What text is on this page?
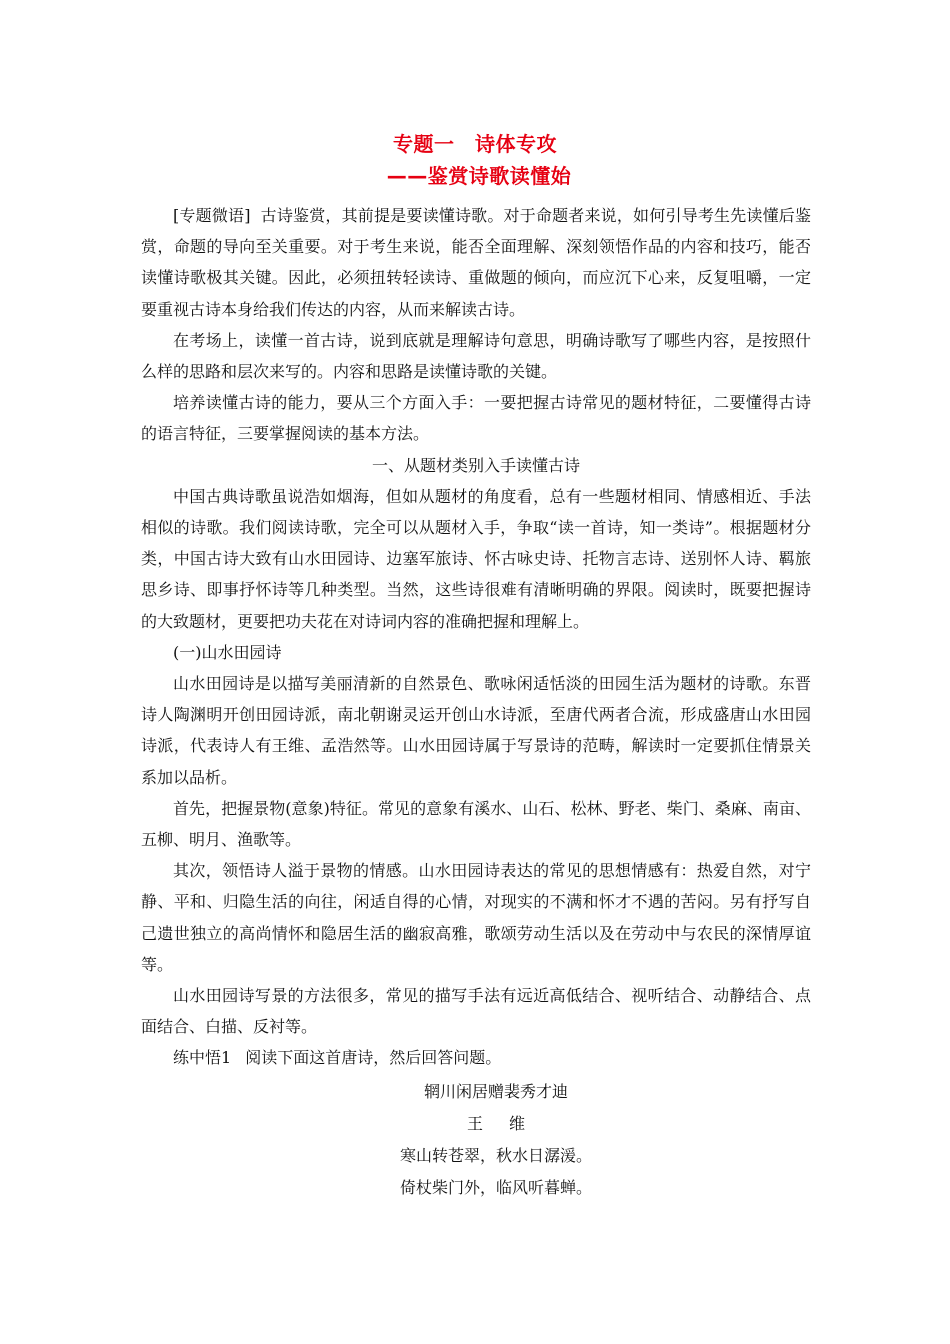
专题一　诗体专攻
——鉴赏诗歌读懂始

[专题微语] 古诗鉴赏，其前提是要读懂诗歌。对于命题者来说，如何引导考生先读懂后鉴赏，命题的导向至关重要。对于考生来说，能否全面理解、深刻领悟作品的内容和技巧，能否读懂诗歌极其关键。因此，必须扭转轻读诗、重做题的倾向，而应沉下心来，反复咀嚼，一定要重视古诗本身给我们传达的内容，从而来解读古诗。

在考场上，读懂一首古诗，说到底就是理解诗句意思，明确诗歌写了哪些内容，是按照什么样的思路和层次来写的。内容和思路是读懂诗歌的关键。

培养读懂古诗的能力，要从三个方面入手：一要把握古诗常见的题材特征，二要懂得古诗的语言特征，三要掌握阅读的基本方法。

一、从题材类别入手读懂古诗

中国古典诗歌虽说浩如烟海，但如从题材的角度看，总有一些题材相同、情感相近、手法相似的诗歌。我们阅读诗歌，完全可以从题材入手，争取“读一首诗，知一类诗”。根据题材分类，中国古诗大致有山水田园诗、边塞军旅诗、怀古咏史诗、托物言志诗、送别怀人诗、羁旅思乡诗、即事抒怀诗等几种类型。当然，这些诗很难有清晰明确的界限。阅读时，既要把握诗的大致题材，更要把功夫花在对诗词内容的准确把握和理解上。

(一)山水田园诗

山水田园诗是以描写美丽清新的自然景色、歌咏闲适恬淡的田园生活为题材的诗歌。东晋诗人陶渊明开创田园诗派，南北朝谢灵运开创山水诗派，至唐代两者合流，形成盛唐山水田园诗派，代表诗人有王维、孟浩然等。山水田园诗属于写景诗的范畴，解读时一定要抓住情景关系加以品析。

首先，把握景物(意象)特征。常见的意象有溪水、山石、松林、野老、柴门、桑麻、南亩、五柳、明月、渔歌等。

其次，领悟诗人溢于景物的情感。山水田园诗表达的常见的思想情感有：热爱自然，对宁静、平和、归隐生活的向往，闲适自得的心情，对现实的不满和怀才不遇的苦闷。另有抒写自己遗世独立的高尚情怀和隐居生活的幽寂高雅，歌颂劳动生活以及在劳动中与农民的深情厚谊等。

山水田园诗写景的方法很多，常见的描写手法有远近高低结合、视听结合、动静结合、点面结合、白描、反衬等。

练中悟1 阅读下面这首唐诗，然后回答问题。

辋川闲居赠裴秀才迪

王 维

寒山转苍翠，秋水日潺湲。

倚杖柴门外，临风听暮蝉。
